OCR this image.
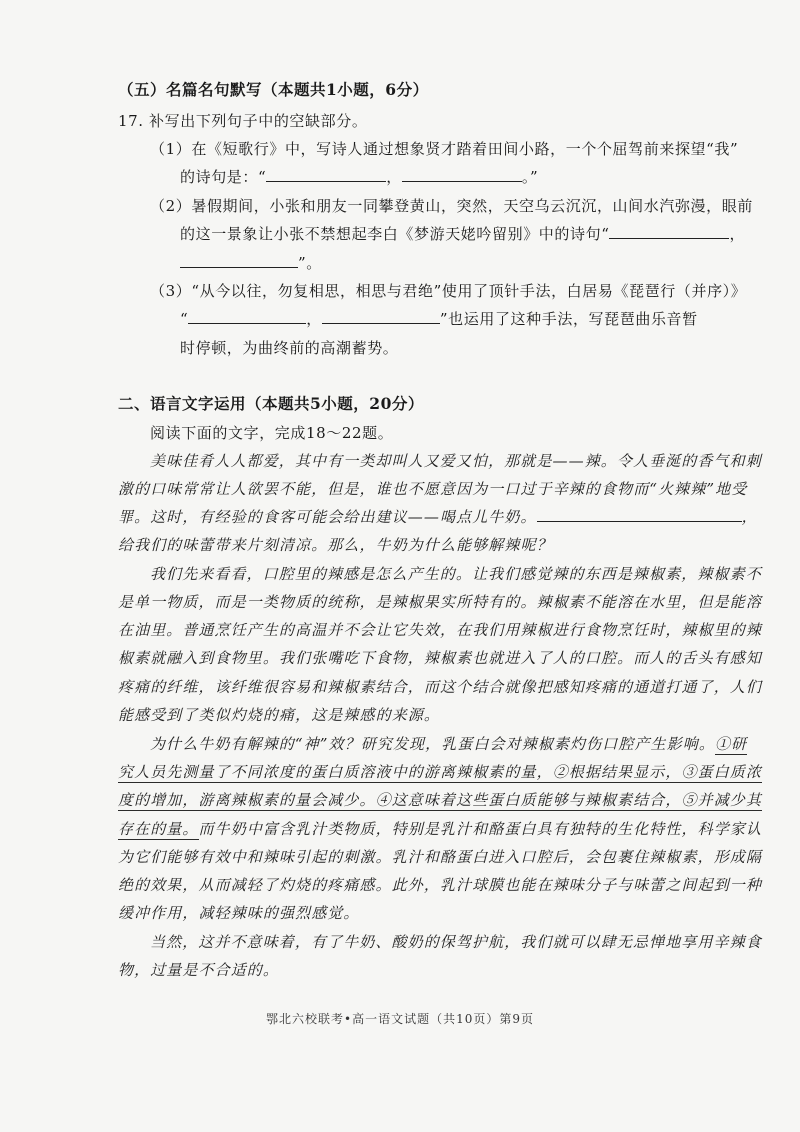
（五）名篇名句默写（本题共1小题，6分）
17. 补写出下列句子中的空缺部分。
（1）在《短歌行》中，写诗人通过想象贤才踏着田间小路，一个个屈驾前来探望“我”
的诗句是：“	，	。”
（2）暑假期间，小张和朋友一同攀登黄山，突然，天空乌云沉沉，山间水汽弥漫，眼前
的这一景象让小张不禁想起李白《梦游天姥吟留别》中的诗句“	，
”。
（3）“从今以往，勿复相思，相思与君绝”使用了顶针手法，白居易《琵琶行（并序）》
“	，	”也运用了这种手法，写琵琶曲乐音暂
时停顿，为曲终前的高潮蓄势。
二、语言文字运用（本题共5小题，20分）
阅读下面的文字，完成18～22题。
美味佳肴人人都爱，其中有一类却叫人又爱又怕，那就是——辣。令人垂涎的香气和刺
激的口味常常让人欲罢不能，但是，谁也不愿意因为一口过于辛辣的食物而“火辣辣”地受
罪。这时，有经验的食客可能会给出建议——喝点儿牛奶。	，
给我们的味蕾带来片刻清凉。那么，牛奶为什么能够解辣呢？
我们先来看看，口腔里的辣感是怎么产生的。让我们感觉辣的东西是辣椒素，辣椒素不
是单一物质，而是一类物质的统称，是辣椒果实所特有的。辣椒素不能溶在水里，但是能溶
在油里。普通烹饪产生的高温并不会让它失效，在我们用辣椒进行食物烹饪时，辣椒里的辣
椒素就融入到食物里。我们张嘴吃下食物，辣椒素也就进入了人的口腔。而人的舌头有感知
疼痛的纤维，该纤维很容易和辣椒素结合，而这个结合就像把感知疼痛的通道打通了，人们
能感受到了类似灼烧的痛，这是辣感的来源。
为什么牛奶有解辣的“神”效？研究发现，乳蛋白会对辣椒素灼伤口腔产生影响。①研
究人员先测量了不同浓度的蛋白质溶液中的游离辣椒素的量，②根据结果显示，③蛋白质浓
度的增加，游离辣椒素的量会减少。④这意味着这些蛋白质能够与辣椒素结合，⑤并减少其
存在的量。而牛奶中富含乳汁类物质，特别是乳汁和酪蛋白具有独特的生化特性，科学家认
为它们能够有效中和辣味引起的刺激。乳汁和酪蛋白进入口腔后，会包裹住辣椒素，形成隔
绝的效果，从而减轻了灼烧的疼痛感。此外，乳汁球膜也能在辣味分子与味蕾之间起到一种
缓冲作用，减轻辣味的强烈感觉。
当然，这并不意味着，有了牛奶、酸奶的保驾护航，我们就可以肆无忌惮地享用辛辣食
物，过量是不合适的。
鄂北六校联考•高一语文试题（共10页）第9页
